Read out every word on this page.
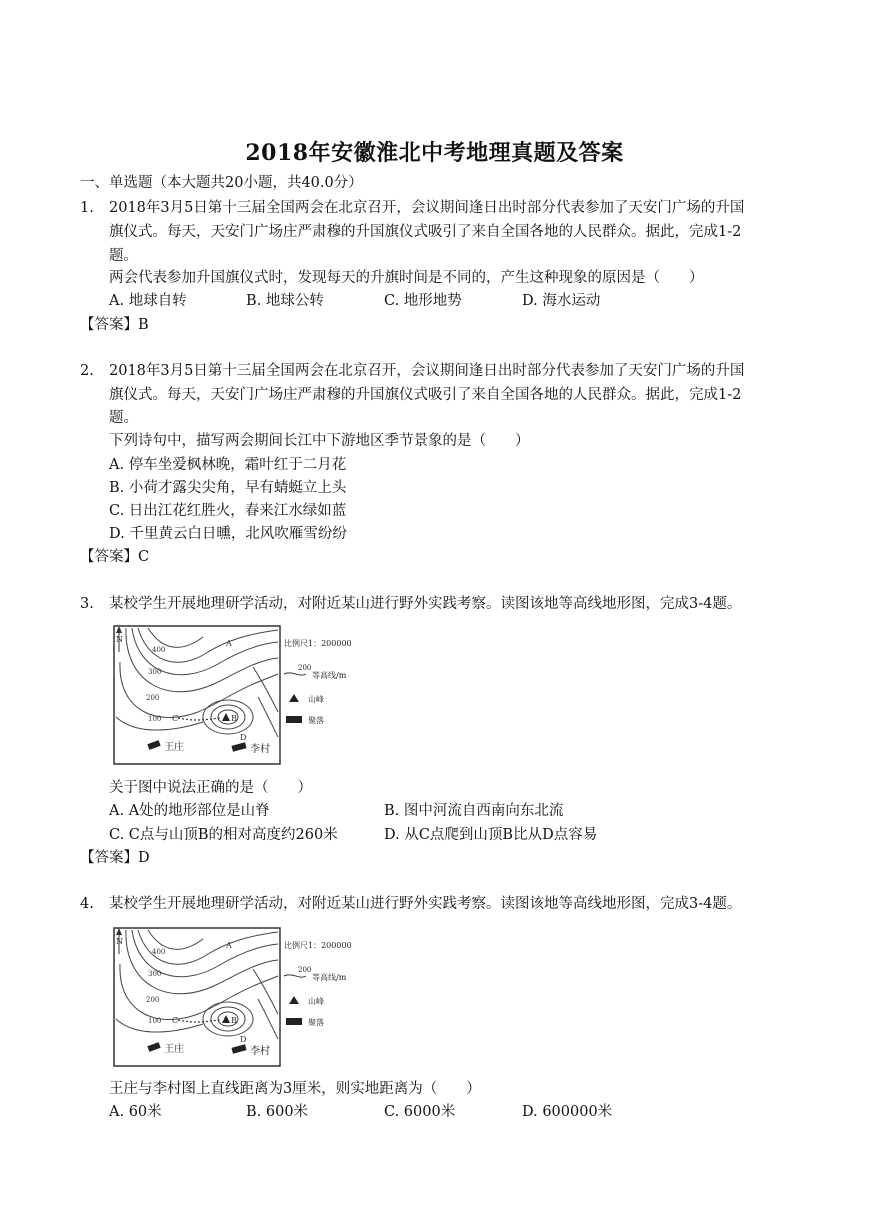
2018年安徽淮北中考地理真题及答案
一、单选题（本大题共20小题，共40.0分）
1. 2018年3月5日第十三届全国两会在北京召开，会议期间逢日出时部分代表参加了天安门广场的升国
旗仪式。每天，天安门广场庄严肃穆的升国旗仪式吸引了来自全国各地的人民群众。据此，完成1-2
题。
两会代表参加升国旗仪式时，发现每天的升旗时间是不同的，产生这种现象的原因是（　　）
A. 地球自转	B. 地球公转	C. 地形地势	D. 海水运动
【答案】B
2. 2018年3月5日第十三届全国两会在北京召开，会议期间逢日出时部分代表参加了天安门广场的升国
旗仪式。每天，天安门广场庄严肃穆的升国旗仪式吸引了来自全国各地的人民群众。据此，完成1-2
题。
下列诗句中，描写两会期间长江中下游地区季节景象的是（　　）
A. 停车坐爱枫林晚，霜叶红于二月花
B. 小荷才露尖尖角，早有蜻蜓立上头
C. 日出江花红胜火，春来江水绿如蓝
D. 千里黄云白日曛，北风吹雁雪纷纷
【答案】C
3. 某校学生开展地理研学活动，对附近某山进行野外实践考察。读图该地等高线地形图，完成3-4题。
N
400
300
200
100
A
C	B
D
王庄	李村
比例尺1：200000
200
等高线/m
山峰
聚落
关于图中说法正确的是（　　）
A. A处的地形部位是山脊	B. 图中河流自西南向东北流
C. C点与山顶B的相对高度约260米	D. 从C点爬到山顶B比从D点容易
【答案】D
4. 某校学生开展地理研学活动，对附近某山进行野外实践考察。读图该地等高线地形图，完成3-4题。
N
400
300
200
100
A
C	B
D
王庄	李村
比例尺1：200000
200
等高线/m
山峰
聚落
王庄与李村图上直线距离为3厘米，则实地距离为（　　）
A. 60米	B. 600米	C. 6000米	D. 600000米
